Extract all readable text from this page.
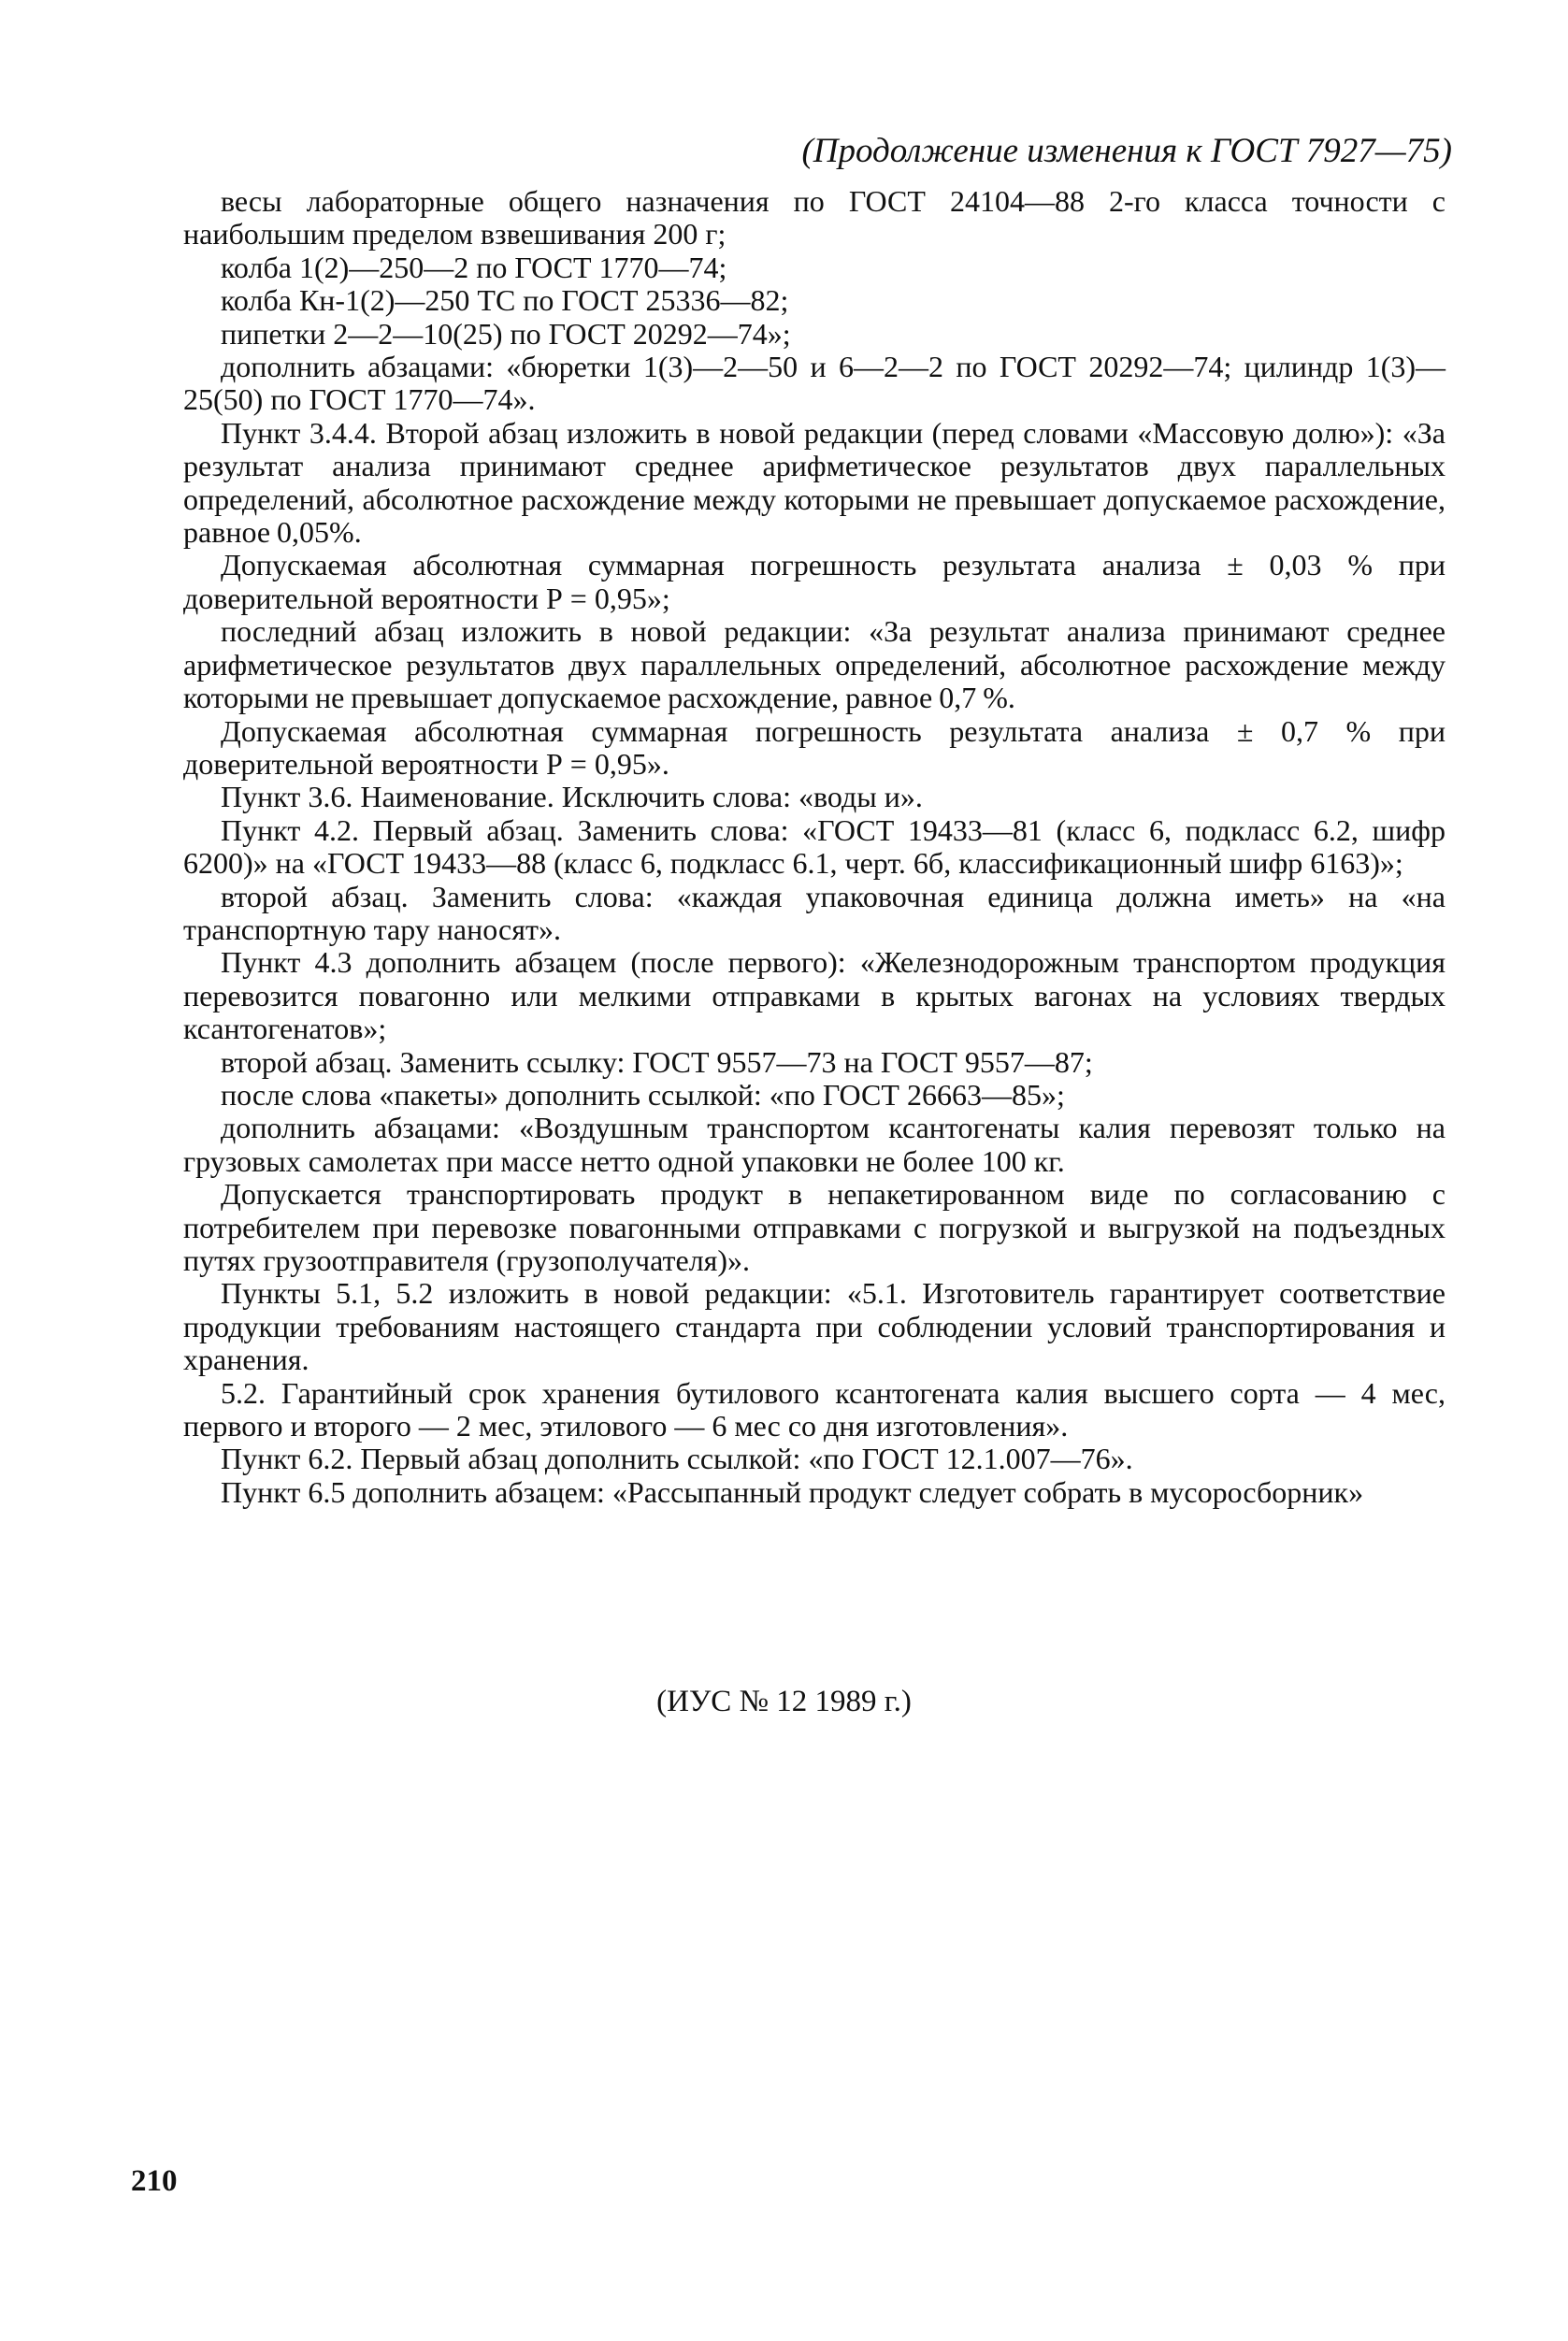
(Продолжение изменения к ГОСТ 7927—75)

весы лабораторные общего назначения по ГОСТ 24104—88 2-го класса точности с наибольшим пределом взвешивания 200 г;

колба 1(2)—250—2 по ГОСТ 1770—74;

колба Кн-1(2)—250 ТС по ГОСТ 25336—82;

пипетки 2—2—10(25) по ГОСТ 20292—74»;

дополнить абзацами: «бюретки 1(3)—2—50 и 6—2—2 по ГОСТ 20292—74; цилиндр 1(3)—25(50) по ГОСТ 1770—74».

Пункт 3.4.4. Второй абзац изложить в новой редакции (перед словами «Массовую долю»): «За результат анализа принимают среднее арифметическое результатов двух параллельных определений, абсолютное расхождение между которыми не превышает допускаемое расхождение, равное 0,05%.

Допускаемая абсолютная суммарная погрешность результата анализа ± 0,03 % при доверительной вероятности Р = 0,95»;

последний абзац изложить в новой редакции: «За результат анализа принимают среднее арифметическое результатов двух параллельных определений, абсолютное расхождение между которыми не превышает допускаемое расхождение, равное 0,7 %.

Допускаемая абсолютная суммарная погрешность результата анализа ± 0,7 % при доверительной вероятности Р = 0,95».

Пункт 3.6. Наименование. Исключить слова: «воды и».

Пункт 4.2. Первый абзац. Заменить слова: «ГОСТ 19433—81 (класс 6, подкласс 6.2, шифр 6200)» на «ГОСТ 19433—88 (класс 6, подкласс 6.1, черт. 6б, классификационный шифр 6163)»;

второй абзац. Заменить слова: «каждая упаковочная единица должна иметь» на «на транспортную тару наносят».

Пункт 4.3 дополнить абзацем (после первого): «Железнодорожным транспортом продукция перевозится повагонно или мелкими отправками в крытых вагонах на условиях твердых ксантогенатов»;

второй абзац. Заменить ссылку: ГОСТ 9557—73 на ГОСТ 9557—87;

после слова «пакеты» дополнить ссылкой: «по ГОСТ 26663—85»;

дополнить абзацами: «Воздушным транспортом ксантогенаты калия перевозят только на грузовых самолетах при массе нетто одной упаковки не более 100 кг.

Допускается транспортировать продукт в непакетированном виде по согласованию с потребителем при перевозке повагонными отправками с погрузкой и выгрузкой на подъездных путях грузоотправителя (грузополучателя)».

Пункты 5.1, 5.2 изложить в новой редакции: «5.1. Изготовитель гарантирует соответствие продукции требованиям настоящего стандарта при соблюдении условий транспортирования и хранения.

5.2. Гарантийный срок хранения бутилового ксантогената калия высшего сорта — 4 мес, первого и второго — 2 мес, этилового — 6 мес со дня изготовления».

Пункт 6.2. Первый абзац дополнить ссылкой: «по ГОСТ 12.1.007—76».

Пункт 6.5 дополнить абзацем: «Рассыпанный продукт следует собрать в мусоросборник»

(ИУС № 12 1989 г.)
210
